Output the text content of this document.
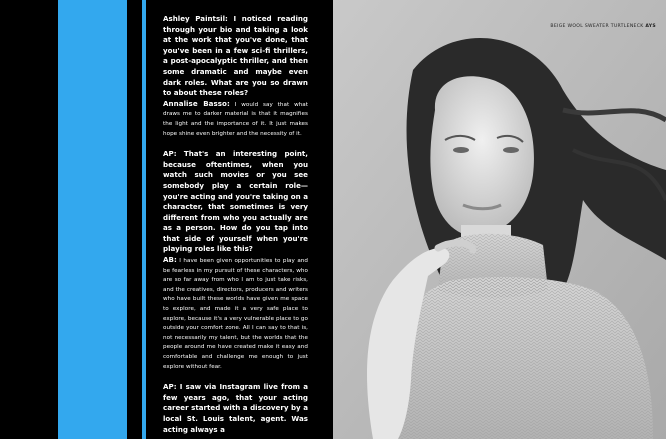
Ashley Paintsil: I noticed reading through your bio and taking a look at the work that you've done, that you've been in a few sci-fi thrillers, a post-apocalyptic thriller, and then some dramatic and maybe even dark roles. What are you so drawn to about these roles?

Annalise Basso: I would say that what draws me to darker material is that it magnifies the light and the importance of it. It just makes hope shine even brighter and the necessity of it.

AP: That's an interesting point, because oftentimes, when you watch such movies or you see somebody play a certain role— you're acting and you're taking on a character, that sometimes is very different from who you actually are as a person. How do you tap into that side of yourself when you're playing roles like this?

AB: I have been given opportunities to play and be fearless in my pursuit of these characters, who are so far away from who I am to just take risks, and the creatives, directors, producers and writers who have built these worlds have given me space to explore, and made it a very safe place to explore, because it's a very vulnerable place to go outside your comfort zone. All I can say to that is, not necessarily my talent, but the worlds that the people around me have created make it easy and comfortable and challenge me enough to just explore without fear.

AP: I saw via Instagram live from a few years ago, that your acting career started with a discovery by a local St. Louis talent, agent. Was acting always a

BEIGE WOOL SWEATER TURTLENECK AYS
